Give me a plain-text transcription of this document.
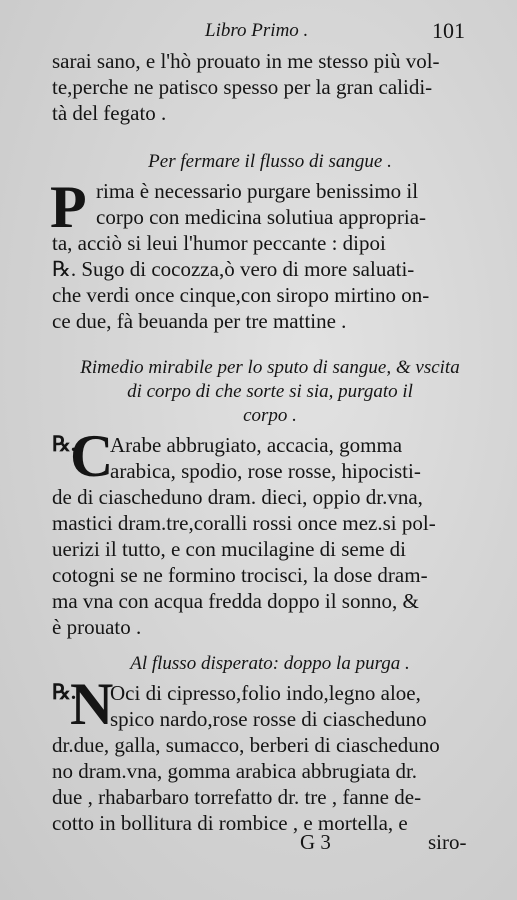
Libro Primo .	101
sarai sano, e l'hò prouato in me stesso più vol-
te,perche ne patisco spesso per la gran calidi-
tà del fegato .
Per fermare il flusso di sangue .
P rima è necessario purgare benissimo il
corpo con medicina solutiua appropria-
ta, acciò si leui l'humor peccante : dipoi
℞. Sugo di cocozza,ò vero di more saluati-
che verdi once cinque,con siropo mirtino on-
ce due, fà beuanda per tre mattine .
Rimedio mirabile per lo sputo di sangue, & vscita
di corpo di che sorte si sia, purgato il
corpo .
℞.
C
Arabe abbrugiato, accacia, gomma
arabica, spodio, rose rosse, hipocisti-
de di ciascheduno dram. dieci, oppio dr.vna,
mastici dram.tre,coralli rossi once mez.si pol-
uerizi il tutto, e con mucilagine di seme di
cotogni se ne formino trocisci, la dose dram-
ma vna con acqua fredda doppo il sonno, &
è prouato .
Al flusso disperato: doppo la purga .
℞.
N
Oci di cipresso,folio indo,legno aloe,
spico nardo,rose rosse di ciascheduno
dr.due, galla, sumacco, berberi di ciascheduno
no dram.vna, gomma arabica abbrugiata dr.
due , rhabarbaro torrefatto dr. tre , fanne de-
cotto in bollitura di rombice , e mortella, e
G 3	siro-
